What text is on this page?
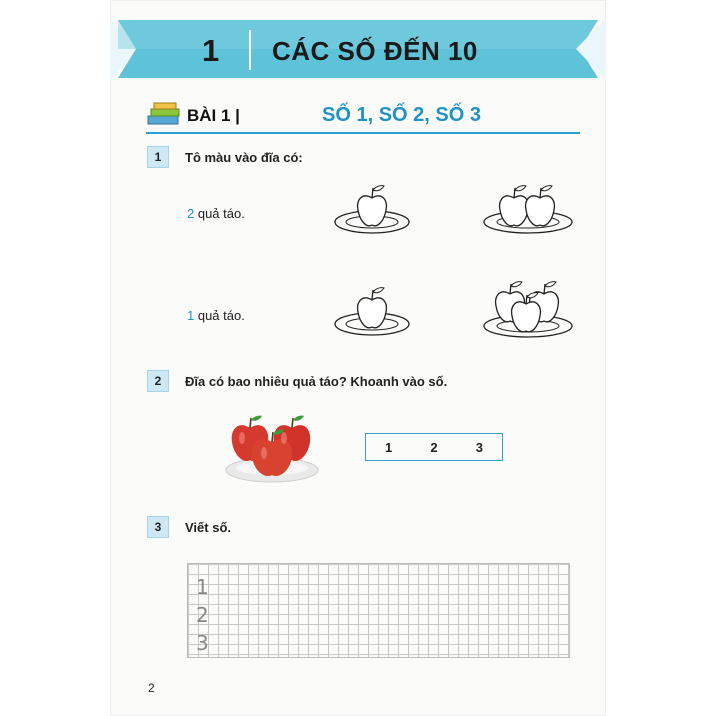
1 CÁC SỐ ĐẾN 10
BÀI 1 |	SỐ 1, SỐ 2, SỐ 3
1	Tô màu vào đĩa có:
2 quả táo.
1 quả táo.
2	Đĩa có bao nhiêu quả táo? Khoanh vào số.
1	2	3
3	Viết số.
1
2
3
2
